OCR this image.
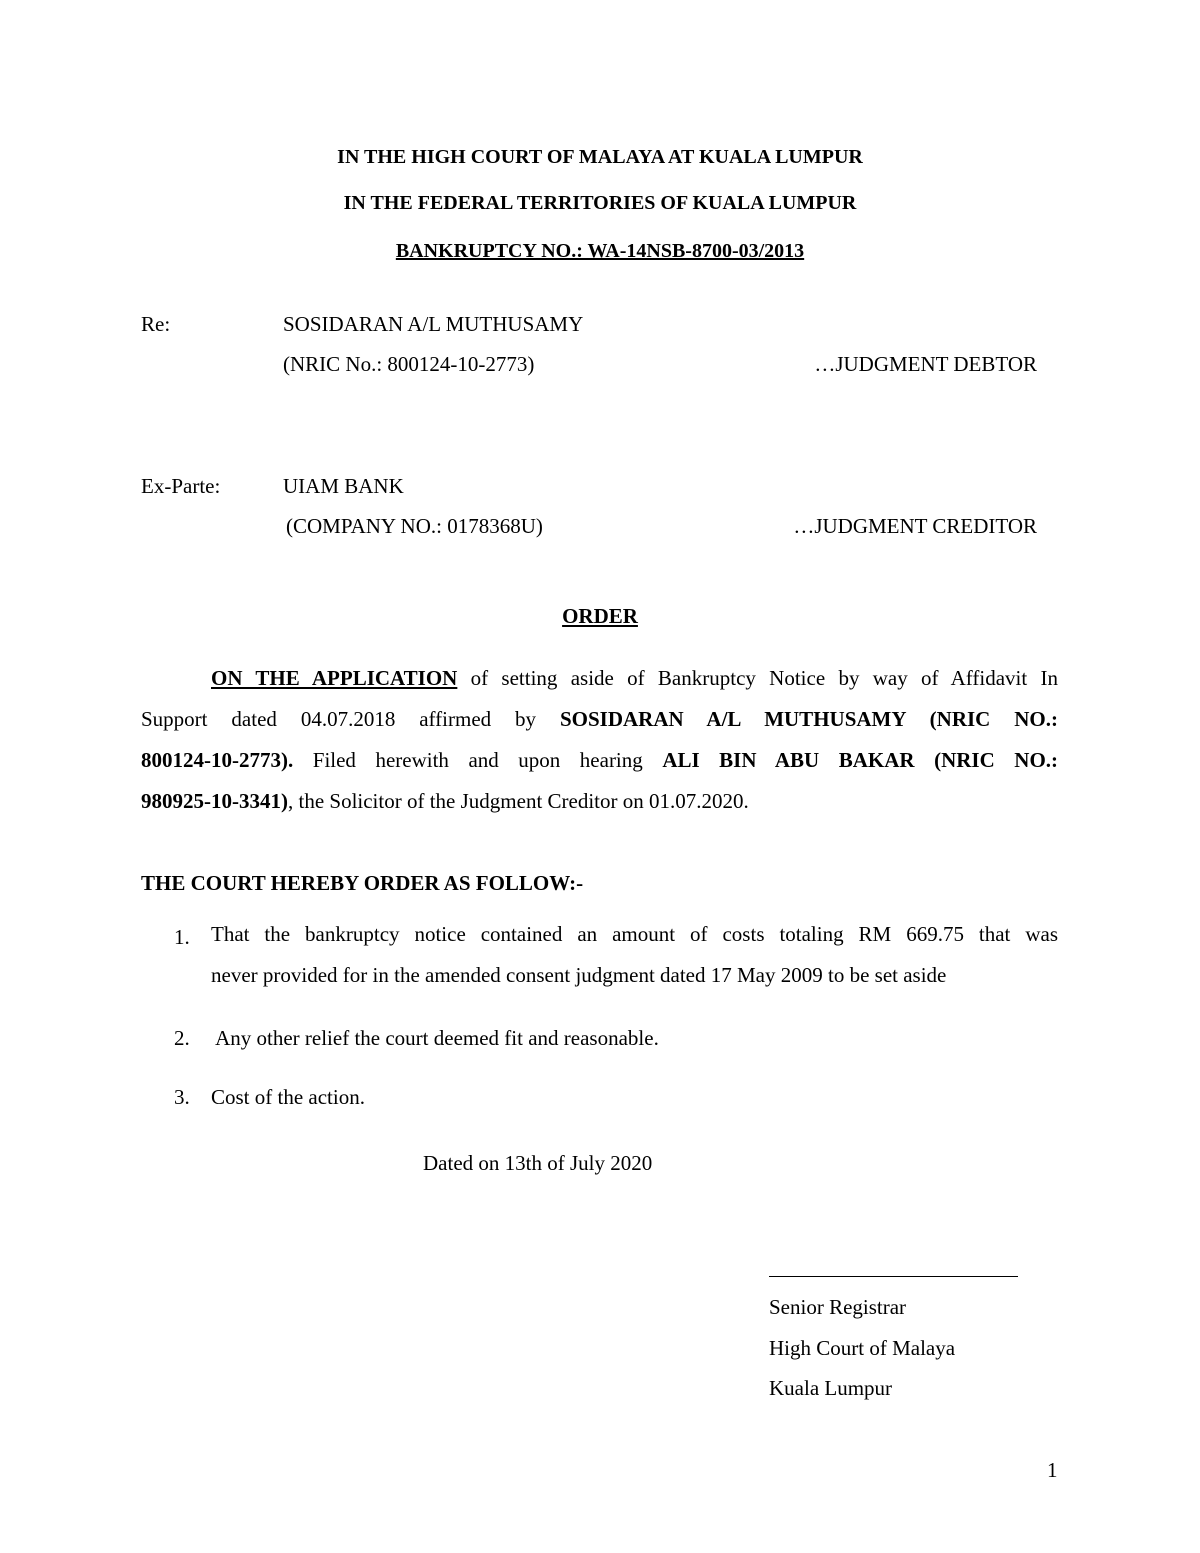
IN THE HIGH COURT OF MALAYA AT KUALA LUMPUR
IN THE FEDERAL TERRITORIES OF KUALA LUMPUR
BANKRUPTCY NO.: WA-14NSB-8700-03/2013
Re:	SOSIDARAN A/L MUTHUSAMY
(NRIC No.: 800124-10-2773)	…JUDGMENT DEBTOR
Ex-Parte:	UIAM BANK
(COMPANY NO.: 0178368U)	…JUDGMENT CREDITOR
ORDER
ON THE APPLICATION of setting aside of Bankruptcy Notice by way of Affidavit In
Support dated 04.07.2018 affirmed by SOSIDARAN A/L MUTHUSAMY (NRIC NO.:
800124-10-2773). Filed herewith and upon hearing ALI BIN ABU BAKAR (NRIC NO.:
980925-10-3341), the Solicitor of the Judgment Creditor on 01.07.2020.
THE COURT HEREBY ORDER AS FOLLOW:-
1. That the bankruptcy notice contained an amount of costs totaling RM 669.75 that was
never provided for in the amended consent judgment dated 17 May 2009 to be set aside
2. Any other relief the court deemed fit and reasonable.
3. Cost of the action.
Dated on 13th of July 2020
Senior Registrar
High Court of Malaya
Kuala Lumpur
1
